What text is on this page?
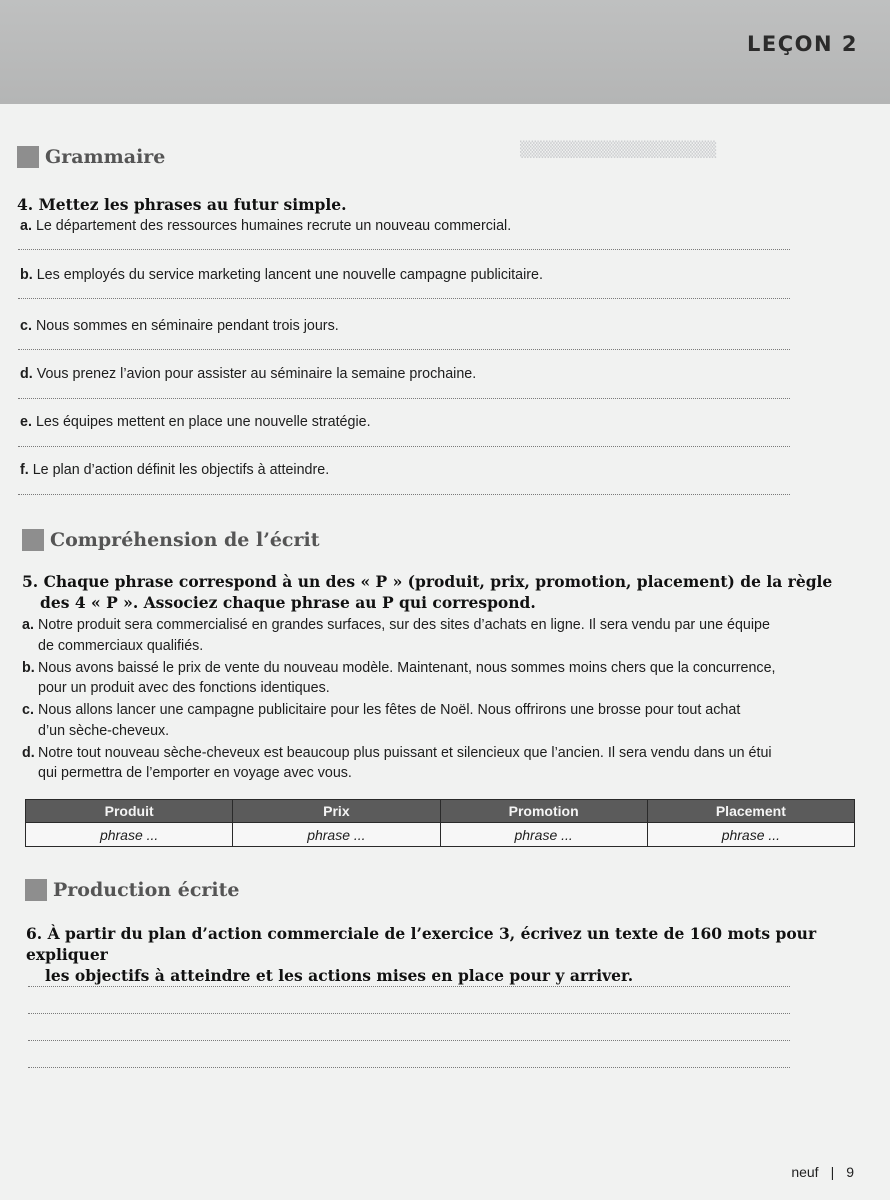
LEÇON 2
▒▒▒▒▒▒▒▒▒▒▒▒▒▒▒▒▒
Grammaire
4. Mettez les phrases au futur simple.
a. Le département des ressources humaines recrute un nouveau commercial.
b. Les employés du service marketing lancent une nouvelle campagne publicitaire.
c. Nous sommes en séminaire pendant trois jours.
d. Vous prenez l’avion pour assister au séminaire la semaine prochaine.
e. Les équipes mettent en place une nouvelle stratégie.
f. Le plan d’action définit les objectifs à atteindre.
Compréhension de l’écrit
5. Chaque phrase correspond à un des « P » (produit, prix, promotion, placement) de la règle
des 4 « P ». Associez chaque phrase au P qui correspond.
a. Notre produit sera commercialisé en grandes surfaces, sur des sites d’achats en ligne. Il sera vendu par une équipe
de commerciaux qualifiés.
b. Nous avons baissé le prix de vente du nouveau modèle. Maintenant, nous sommes moins chers que la concurrence,
pour un produit avec des fonctions identiques.
c. Nous allons lancer une campagne publicitaire pour les fêtes de Noël. Nous offrirons une brosse pour tout achat
d’un sèche-cheveux.
d. Notre tout nouveau sèche-cheveux est beaucoup plus puissant et silencieux que l’ancien. Il sera vendu dans un étui
qui permettra de l’emporter en voyage avec vous.
Produit	Prix	Promotion	Placement
phrase ...	phrase ...	phrase ...	phrase ...
Production écrite
6. À partir du plan d’action commerciale de l’exercice 3, écrivez un texte de 160 mots pour expliquer
les objectifs à atteindre et les actions mises en place pour y arriver.
neuf | 9
